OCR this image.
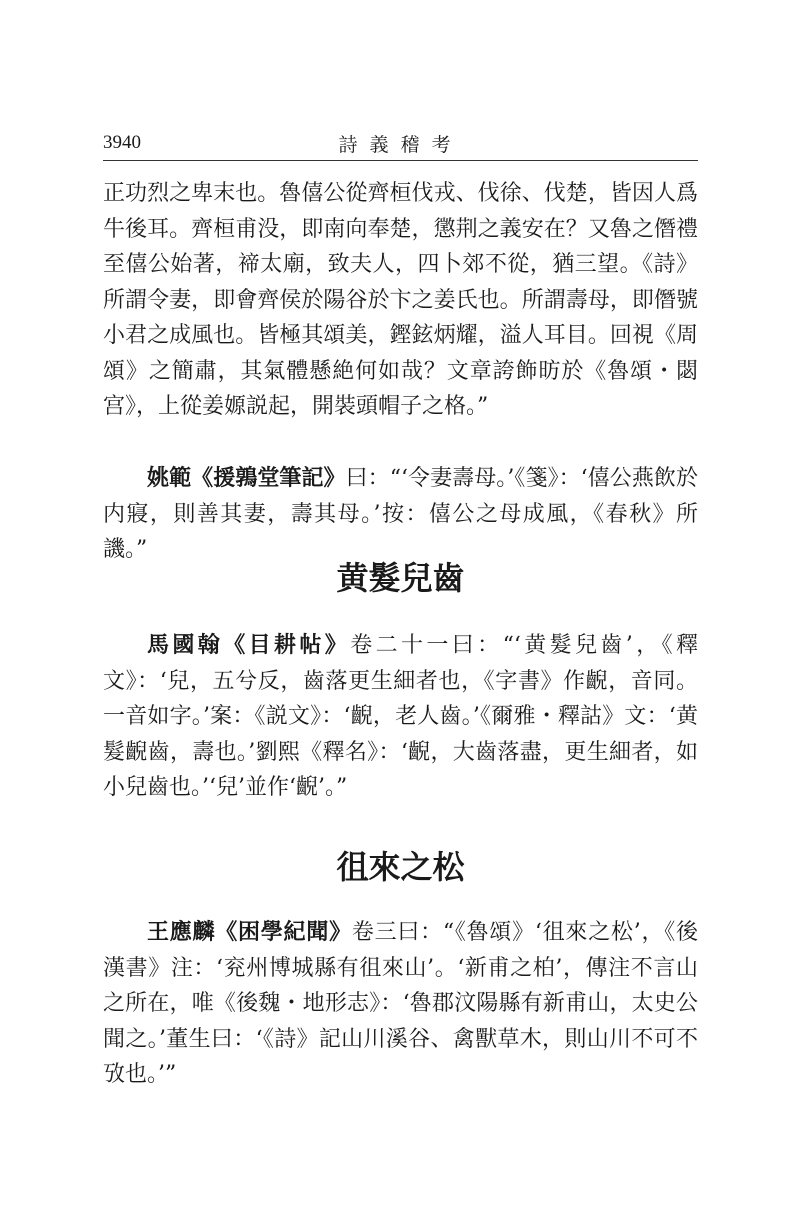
3940	詩義稽考

正功烈之卑末也。魯僖公從齊桓伐戎、伐徐、伐楚，皆因人爲牛後耳。齊桓甫没，即南向奉楚，懲荆之義安在？又魯之僭禮至僖公始著，禘太廟，致夫人，四卜郊不從，猶三望。《詩》所謂令妻，即會齊侯於陽谷於卞之姜氏也。所謂壽母，即僭號小君之成風也。皆極其頌美，鏗鉉炳耀，溢人耳目。回視《周頌》之簡肅，其氣體懸絶何如哉？文章誇飾昉於《魯頌・閟宫》，上從姜嫄説起，開裝頭帽子之格。”

姚範《援鶉堂筆記》曰：“‘令妻壽母。’《箋》：‘僖公燕飲於内寢，則善其妻，壽其母。’按：僖公之母成風，《春秋》所譏。”

黄髮兒齒

馬國翰《目耕帖》卷二十一曰：“‘黄髮兒齒’，《釋文》：‘兒，五兮反，齒落更生細者也，《字書》作齯，音同。一音如字。’案：《説文》：‘齯，老人齒。’《爾雅・釋詁》文：‘黄髮齯齒，壽也。’劉熙《釋名》：‘齯，大齒落盡，更生細者，如小兒齒也。’‘兒’並作‘齯’。”

徂來之松

王應麟《困學紀聞》卷三曰：“《魯頌》‘徂來之松’，《後漢書》注：‘兖州博城縣有徂來山’。‘新甫之柏’，傳注不言山之所在，唯《後魏・地形志》：‘魯郡汶陽縣有新甫山，太史公聞之。’董生曰：‘《詩》記山川溪谷、禽獸草木，則山川不可不攷也。’”
